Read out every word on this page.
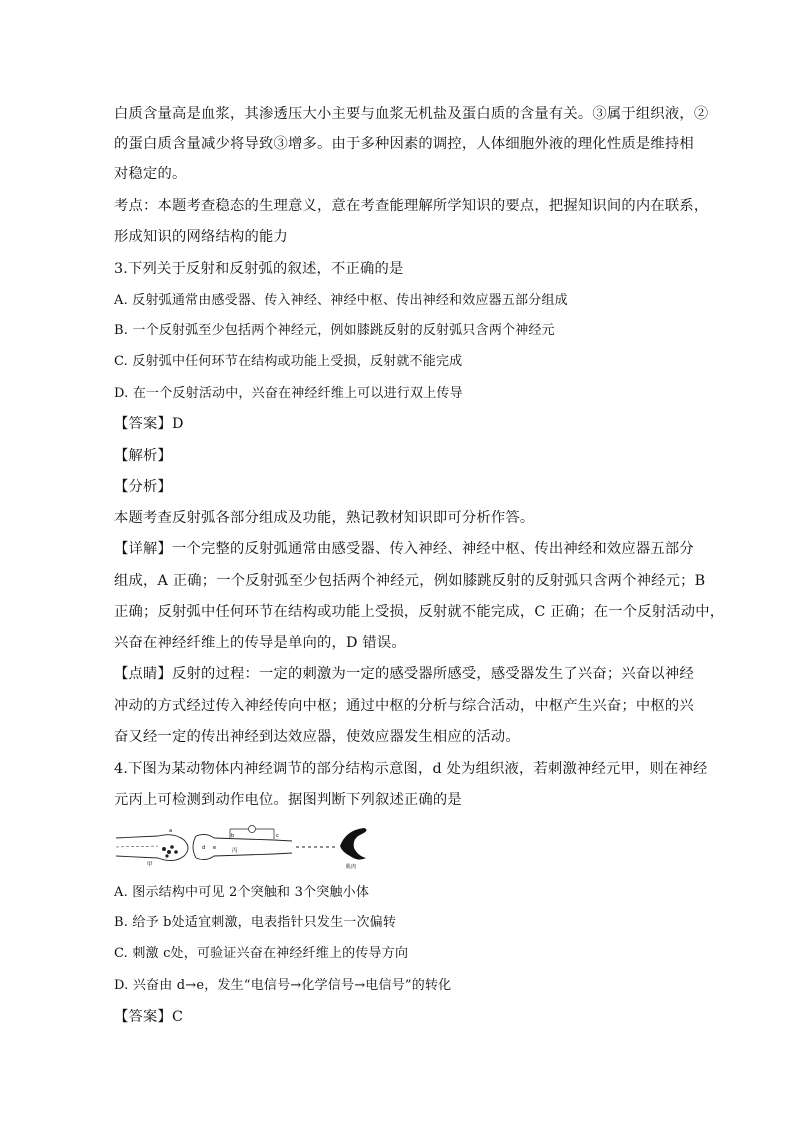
白质含量高是血浆，其渗透压大小主要与血浆无机盐及蛋白质的含量有关。③属于组织液，②
的蛋白质含量减少将导致③增多。由于多种因素的调控，人体细胞外液的理化性质是维持相
对稳定的。
考点：本题考查稳态的生理意义，意在考查能理解所学知识的要点，把握知识间的内在联系，
形成知识的网络结构的能力
3.下列关于反射和反射弧的叙述，不正确的是
A. 反射弧通常由感受器、传入神经、神经中枢、传出神经和效应器五部分组成
B. 一个反射弧至少包括两个神经元，例如膝跳反射的反射弧只含两个神经元
C. 反射弧中任何环节在结构或功能上受损，反射就不能完成
D. 在一个反射活动中，兴奋在神经纤维上可以进行双上传导
【答案】D
【解析】
【分析】
本题考查反射弧各部分组成及功能，熟记教材知识即可分析作答。
【详解】一个完整的反射弧通常由感受器、传入神经、神经中枢、传出神经和效应器五部分
组成，A 正确；一个反射弧至少包括两个神经元，例如膝跳反射的反射弧只含两个神经元；B
正确；反射弧中任何环节在结构或功能上受损，反射就不能完成，C 正确；在一个反射活动中，
兴奋在神经纤维上的传导是单向的，D 错误。
【点睛】反射的过程：一定的刺激为一定的感受器所感受，感受器发生了兴奋；兴奋以神经
冲动的方式经过传入神经传向中枢；通过中枢的分析与综合活动，中枢产生兴奋；中枢的兴
奋又经一定的传出神经到达效应器，使效应器发生相应的活动。
4.下图为某动物体内神经调节的部分结构示意图，d 处为组织液，若刺激神经元甲，则在神经
元丙上可检测到动作电位。据图判断下列叙述正确的是
a
d e
b	c
甲
丙
肌肉
A. 图示结构中可见 2个突触和 3个突触小体
B. 给予 b处适宜刺激，电表指针只发生一次偏转
C. 刺激 c处，可验证兴奋在神经纤维上的传导方向
D. 兴奋由 d→e，发生“电信号→化学信号→电信号”的转化
【答案】C
